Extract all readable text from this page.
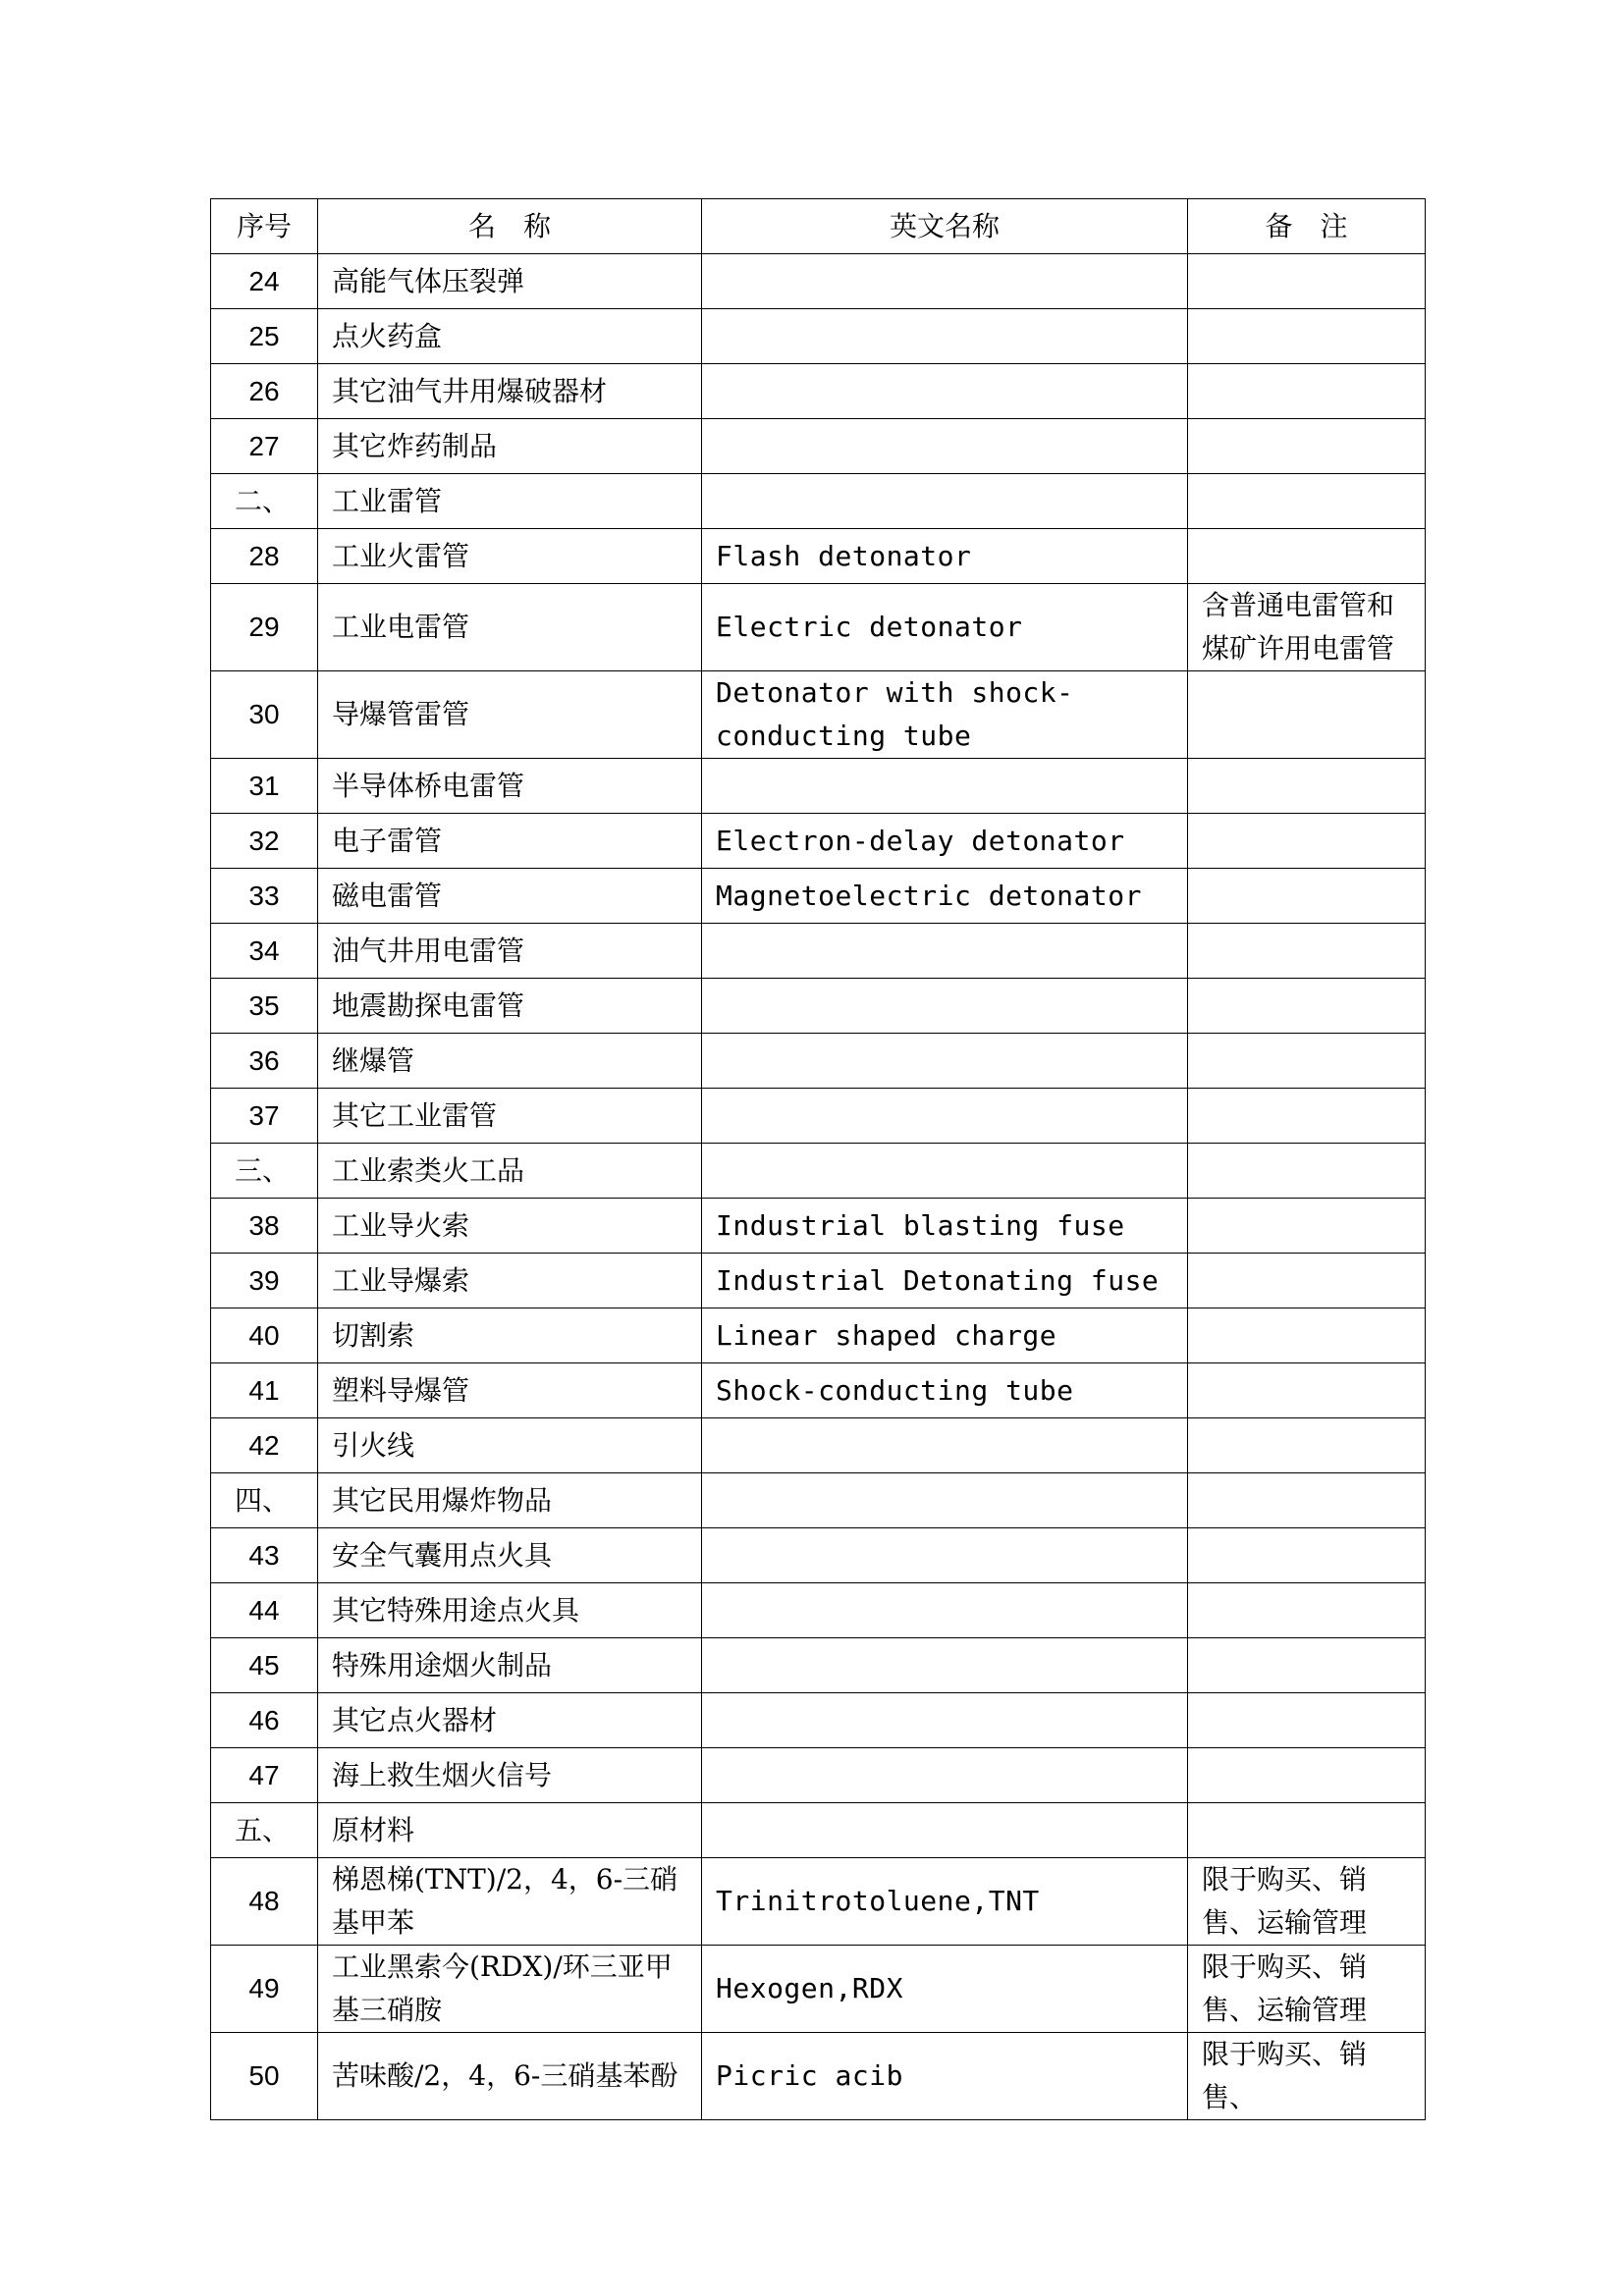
序号	名　称	英文名称	备　注
24	高能气体压裂弹		
25	点火药盒		
26	其它油气井用爆破器材		
27	其它炸药制品		
二、	工业雷管		
28	工业火雷管	Flash detonator	
29	工业电雷管	Electric detonator	含普通电雷管和煤矿许用电雷管
30	导爆管雷管	Detonator with shock-conducting tube	
31	半导体桥电雷管		
32	电子雷管	Electron-delay detonator	
33	磁电雷管	Magnetoelectric detonator	
34	油气井用电雷管		
35	地震勘探电雷管		
36	继爆管		
37	其它工业雷管		
三、	工业索类火工品		
38	工业导火索	Industrial blasting fuse	
39	工业导爆索	Industrial Detonating fuse	
40	切割索	Linear shaped charge	
41	塑料导爆管	Shock-conducting tube	
42	引火线		
四、	其它民用爆炸物品		
43	安全气囊用点火具		
44	其它特殊用途点火具		
45	特殊用途烟火制品		
46	其它点火器材		
47	海上救生烟火信号		
五、	原材料		
48	梯恩梯(TNT)/2，4，6-三硝基甲苯	Trinitrotoluene,TNT	限于购买、销售、运输管理
49	工业黑索今(RDX)/环三亚甲基三硝胺	Hexogen,RDX	限于购买、销售、运输管理
50	苦味酸/2，4，6-三硝基苯酚	Picric acib	限于购买、销售、
